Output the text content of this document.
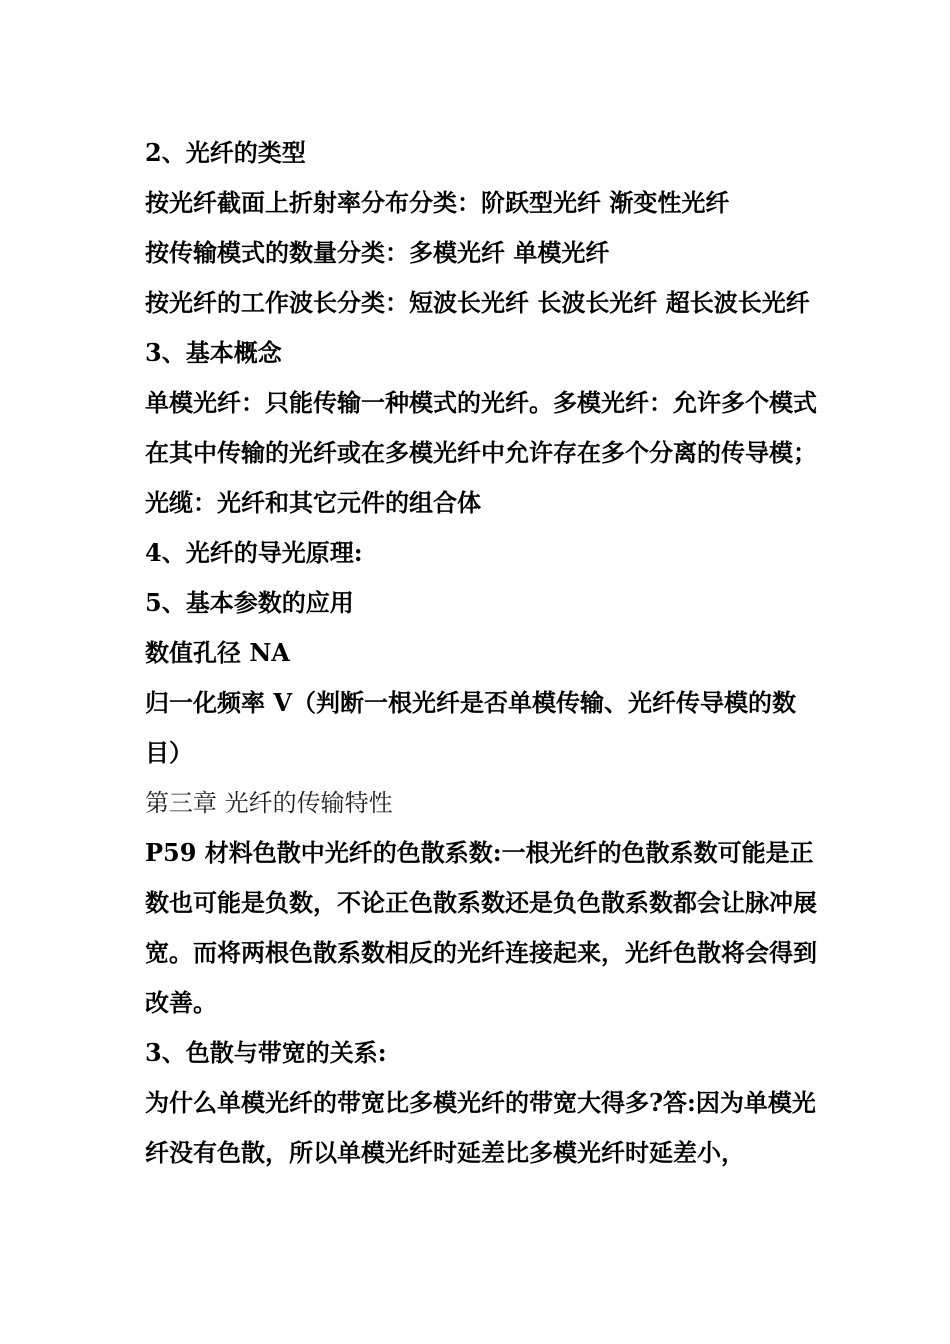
2、光纤的类型

按光纤截面上折射率分布分类：阶跃型光纤 渐变性光纤

按传输模式的数量分类：多模光纤 单模光纤

按光纤的工作波长分类：短波长光纤 长波长光纤 超长波长光纤

3、基本概念

单模光纤：只能传输一种模式的光纤。多模光纤：允许多个模式在其中传输的光纤或在多模光纤中允许存在多个分离的传导模；光缆：光纤和其它元件的组合体

4、光纤的导光原理:

5、基本参数的应用

数值孔径 NA

归一化频率 V（判断一根光纤是否单模传输、光纤传导模的数目）

第三章 光纤的传输特性

P59 材料色散中光纤的色散系数:一根光纤的色散系数可能是正数也可能是负数，不论正色散系数还是负色散系数都会让脉冲展宽。而将两根色散系数相反的光纤连接起来，光纤色散将会得到改善。

3、色散与带宽的关系:

为什么单模光纤的带宽比多模光纤的带宽大得多?答:因为单模光纤没有色散，所以单模光纤时延差比多模光纤时延差小，
